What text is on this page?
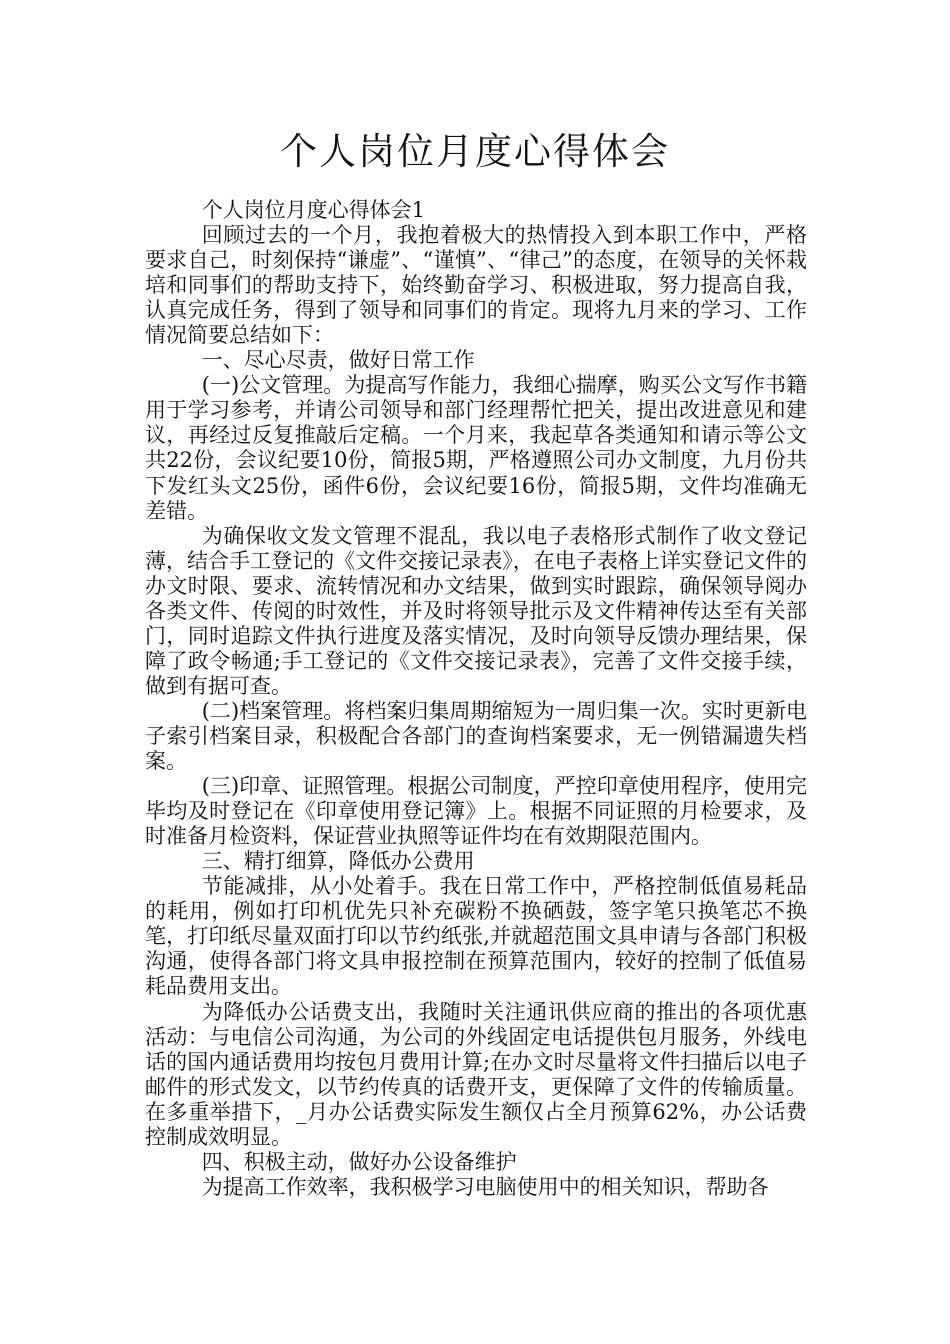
个人岗位月度心得体会

个人岗位月度心得体会1

回顾过去的一个月，我抱着极大的热情投入到本职工作中，严格要求自己，时刻保持“谦虚”、“谨慎”、“律己”的态度，在领导的关怀栽培和同事们的帮助支持下，始终勤奋学习、积极进取，努力提高自我，认真完成任务，得到了领导和同事们的肯定。现将九月来的学习、工作情况简要总结如下：

一、尽心尽责，做好日常工作

(一)公文管理。为提高写作能力，我细心揣摩，购买公文写作书籍用于学习参考，并请公司领导和部门经理帮忙把关，提出改进意见和建议，再经过反复推敲后定稿。一个月来，我起草各类通知和请示等公文共22份，会议纪要10份，简报5期，严格遵照公司办文制度，九月份共下发红头文25份，函件6份，会议纪要16份，简报5期，文件均准确无差错。

为确保收文发文管理不混乱，我以电子表格形式制作了收文登记薄，结合手工登记的《文件交接记录表》，在电子表格上详实登记文件的办文时限、要求、流转情况和办文结果，做到实时跟踪，确保领导阅办各类文件、传阅的时效性，并及时将领导批示及文件精神传达至有关部门，同时追踪文件执行进度及落实情况，及时向领导反馈办理结果，保障了政令畅通;手工登记的《文件交接记录表》，完善了文件交接手续，做到有据可查。

(二)档案管理。将档案归集周期缩短为一周归集一次。实时更新电子索引档案目录，积极配合各部门的查询档案要求，无一例错漏遗失档案。

(三)印章、证照管理。根据公司制度，严控印章使用程序，使用完毕均及时登记在《印章使用登记簿》上。根据不同证照的月检要求，及时准备月检资料，保证营业执照等证件均在有效期限范围内。

三、精打细算，降低办公费用

节能减排，从小处着手。我在日常工作中，严格控制低值易耗品的耗用，例如打印机优先只补充碳粉不换硒鼓，签字笔只换笔芯不换笔，打印纸尽量双面打印以节约纸张,并就超范围文具申请与各部门积极沟通，使得各部门将文具申报控制在预算范围内，较好的控制了低值易耗品费用支出。

为降低办公话费支出，我随时关注通讯供应商的推出的各项优惠活动：与电信公司沟通，为公司的外线固定电话提供包月服务，外线电话的国内通话费用均按包月费用计算;在办文时尽量将文件扫描后以电子邮件的形式发文，以节约传真的话费开支，更保障了文件的传输质量。在多重举措下，_月办公话费实际发生额仅占全月预算62%，办公话费控制成效明显。

四、积极主动，做好办公设备维护

为提高工作效率，我积极学习电脑使用中的相关知识，帮助各
